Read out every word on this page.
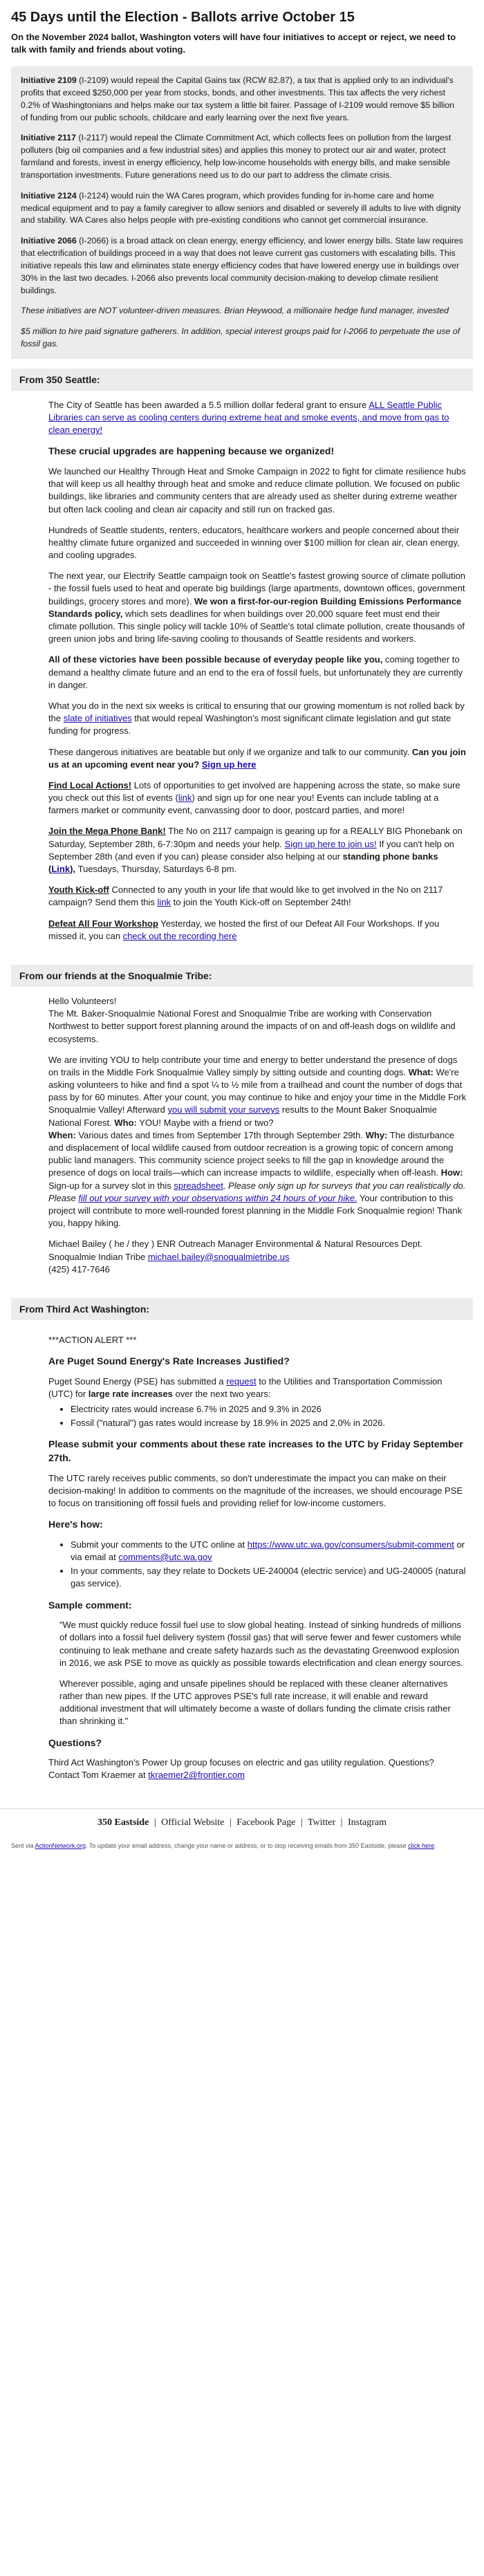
45 Days until the Election - Ballots arrive October 15

On the November 2024 ballot, Washington voters will have four initiatives to accept or reject, we need to talk with family and friends about voting.

Initiative 2109 (I-2109) would repeal the Capital Gains tax (RCW 82.87), a tax that is applied only to an individual's profits that exceed $250,000 per year from stocks, bonds, and other investments. This tax affects the very richest 0.2% of Washingtonians and helps make our tax system a little bit fairer. Passage of I-2109 would remove $5 billion of funding from our public schools, childcare and early learning over the next five years.

Initiative 2117 (I-2117) would repeal the Climate Commitment Act, which collects fees on pollution from the largest polluters (big oil companies and a few industrial sites) and applies this money to protect our air and water, protect farmland and forests, invest in energy efficiency, help low-income households with energy bills, and make sensible transportation investments. Future generations need us to do our part to address the climate crisis.

Initiative 2124 (I-2124) would ruin the WA Cares program, which provides funding for in-home care and home medical equipment and to pay a family caregiver to allow seniors and disabled or severely ill adults to live with dignity and stability. WA Cares also helps people with pre-existing conditions who cannot get commercial insurance.

Initiative 2066 (I-2066) is a broad attack on clean energy, energy efficiency, and lower energy bills. State law requires that electrification of buildings proceed in a way that does not leave current gas customers with escalating bills. This initiative repeals this law and eliminates state energy efficiency codes that have lowered energy use in buildings over 30% in the last two decades. I-2066 also prevents local community decision-making to develop climate resilient buildings.

These initiatives are NOT volunteer-driven measures. Brian Heywood, a millionaire hedge fund manager, invested

$5 million to hire paid signature gatherers. In addition, special interest groups paid for I-2066 to perpetuate the use of fossil gas.

From 350 Seattle:

The City of Seattle has been awarded a 5.5 million dollar federal grant to ensure ALL Seattle Public Libraries can serve as cooling centers during extreme heat and smoke events, and move from gas to clean energy!

These crucial upgrades are happening because we organized!

We launched our Healthy Through Heat and Smoke Campaign in 2022 to fight for climate resilience hubs that will keep us all healthy through heat and smoke and reduce climate pollution. We focused on public buildings, like libraries and community centers that are already used as shelter during extreme weather but often lack cooling and clean air capacity and still run on fracked gas.

Hundreds of Seattle students, renters, educators, healthcare workers and people concerned about their healthy climate future organized and succeeded in winning over $100 million for clean air, clean energy, and cooling upgrades.

The next year, our Electrify Seattle campaign took on Seattle's fastest growing source of climate pollution - the fossil fuels used to heat and operate big buildings (large apartments, downtown offices, government buildings, grocery stores and more). We won a first-for-our-region Building Emissions Performance Standards policy, which sets deadlines for when buildings over 20,000 square feet must end their climate pollution. This single policy will tackle 10% of Seattle's total climate pollution, create thousands of green union jobs and bring life-saving cooling to thousands of Seattle residents and workers.

All of these victories have been possible because of everyday people like you, coming together to demand a healthy climate future and an end to the era of fossil fuels, but unfortunately they are currently in danger.

What you do in the next six weeks is critical to ensuring that our growing momentum is not rolled back by the slate of initiatives that would repeal Washington's most significant climate legislation and gut state funding for progress.

These dangerous initiatives are beatable but only if we organize and talk to our community. Can you join us at an upcoming event near you? Sign up here

Find Local Actions! Lots of opportunities to get involved are happening across the state, so make sure you check out this list of events (link) and sign up for one near you! Events can include tabling at a farmers market or community event, canvassing door to door, postcard parties, and more!

Join the Mega Phone Bank! The No on 2117 campaign is gearing up for a REALLY BIG Phonebank on Saturday, September 28th, 6-7:30pm and needs your help. Sign up here to join us! If you can't help on September 28th (and even if you can) please consider also helping at our standing phone banks (Link), Tuesdays, Thursday, Saturdays 6-8 pm.

Youth Kick-off Connected to any youth in your life that would like to get involved in the No on 2117 campaign? Send them this link to join the Youth Kick-off on September 24th!

Defeat All Four Workshop Yesterday, we hosted the first of our Defeat All Four Workshops. If you missed it, you can check out the recording here

From our friends at the Snoqualmie Tribe:

Hello Volunteers!

The Mt. Baker-Snoqualmie National Forest and Snoqualmie Tribe are working with Conservation Northwest to better support forest planning around the impacts of on and off-leash dogs on wildlife and ecosystems.

We are inviting YOU to help contribute your time and energy to better understand the presence of dogs on trails in the Middle Fork Snoqualmie Valley simply by sitting outside and counting dogs. What: We're asking volunteers to hike and find a spot ¼ to ½ mile from a trailhead and count the number of dogs that pass by for 60 minutes. After your count, you may continue to hike and enjoy your time in the Middle Fork Snoqualmie Valley! Afterward you will submit your surveys results to the Mount Baker Snoqualmie National Forest. Who: YOU! Maybe with a friend or two?
When: Various dates and times from September 17th through September 29th. Why: The disturbance and displacement of local wildlife caused from outdoor recreation is a growing topic of concern among public land managers. This community science project seeks to fill the gap in knowledge around the presence of dogs on local trails—which can increase impacts to wildlife, especially when off-leash. How: Sign-up for a survey slot in this spreadsheet. Please only sign up for surveys that you can realistically do. Please fill out your survey with your observations within 24 hours of your hike. Your contribution to this project will contribute to more well-rounded forest planning in the Middle Fork Snoqualmie region! Thank you, happy hiking.

Michael Bailey ( he / they ) ENR Outreach Manager Environmental & Natural Resources Dept. Snoqualmie Indian Tribe michael.bailey@snoqualmietribe.us
(425) 417-7646

From Third Act Washington:

***ACTION ALERT ***

Are Puget Sound Energy's Rate Increases Justified?

Puget Sound Energy (PSE) has submitted a request to the Utilities and Transportation Commission (UTC) for large rate increases over the next two years:

• Electricity rates would increase 6.7% in 2025 and 9.3% in 2026
• Fossil ("natural") gas rates would increase by 18.9% in 2025 and 2.0% in 2026.
Please submit your comments about these rate increases to the UTC by Friday September 27th.

The UTC rarely receives public comments, so don't underestimate the impact you can make on their decision-making! In addition to comments on the magnitude of the increases, we should encourage PSE to focus on transitioning off fossil fuels and providing relief for low-income customers.

Here's how:
• Submit your comments to the UTC online at https://www.utc.wa.gov/consumers/submit-comment or via email at comments@utc.wa.gov
• In your comments, say they relate to Dockets UE-240004 (electric service) and UG-240005 (natural gas service).
Sample comment:

"We must quickly reduce fossil fuel use to slow global heating. Instead of sinking hundreds of millions of dollars into a fossil fuel delivery system (fossil gas) that will serve fewer and fewer customers while continuing to leak methane and create safety hazards such as the devastating Greenwood explosion in 2016, we ask PSE to move as quickly as possible towards electrification and clean energy sources.

Wherever possible, aging and unsafe pipelines should be replaced with these cleaner alternatives rather than new pipes. If the UTC approves PSE's full rate increase, it will enable and reward additional investment that will ultimately become a waste of dollars funding the climate crisis rather than shrinking it."

Questions?

Third Act Washington's Power Up group focuses on electric and gas utility regulation. Questions? Contact Tom Kraemer at tkraemer2@frontier.com

350 Eastside | Official Website | Facebook Page | Twitter | Instagram
Sent via ActionNetwork.org. To update your email address, change your name or address, or to stop receiving emails from 350 Eastside, please click here.
